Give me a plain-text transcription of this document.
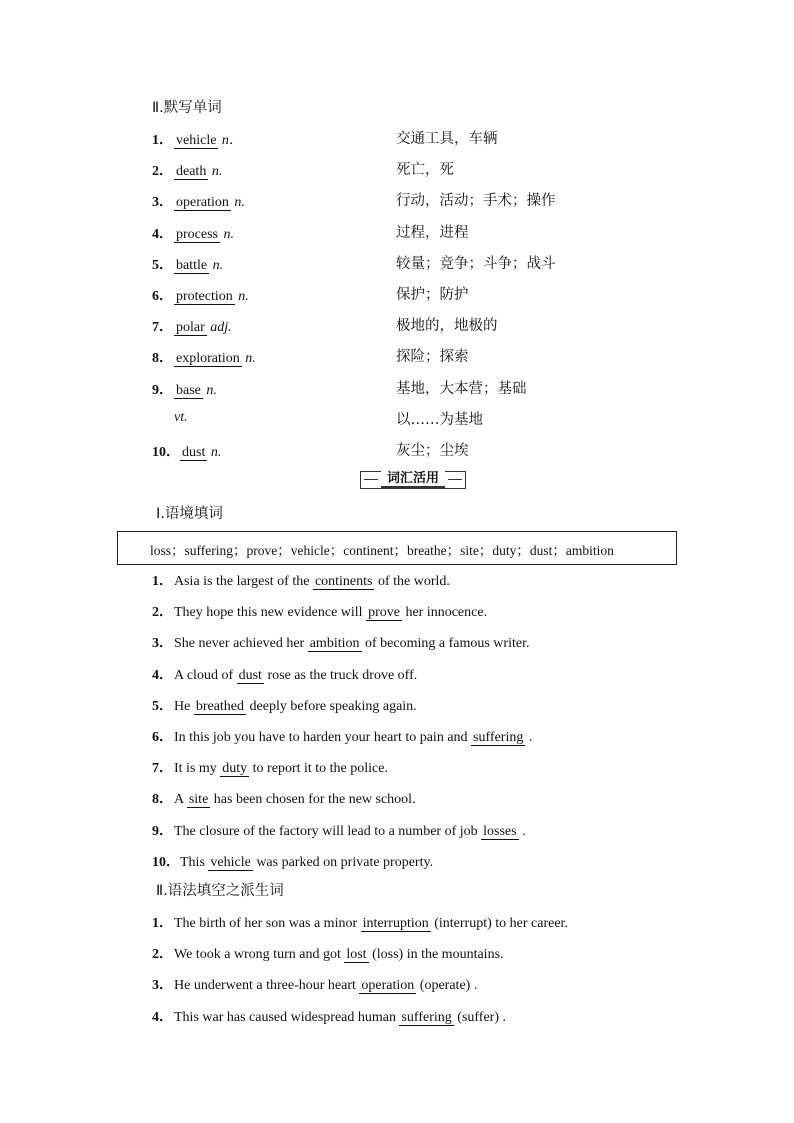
Ⅱ.默写单词
1． vehicle n．	交通工具，车辆
2． death n.	死亡，死
3． operation n.	行动，活动；手术；操作
4． process n.	过程，进程
5． battle n.	较量；竞争；斗争；战斗
6． protection n.	保护；防护
7． polar adj.	极地的，地极的
8． exploration n.	探险；探索
9． base n.	基地，大本营；基础
vt.	以……为基地
10． dust n.	灰尘；尘埃
词汇活用
Ⅰ.语境填词
loss；suffering；prove；vehicle；continent；breathe；site；duty；dust；ambition
1．Asia is the largest of the continents of the world.
2．They hope this new evidence will prove her innocence.
3．She never achieved her ambition of becoming a famous writer.
4．A cloud of dust rose as the truck drove off.
5．He breathed deeply before speaking again.
6．In this job you have to harden your heart to pain and suffering .
7．It is my duty to report it to the police.
8．A site has been chosen for the new school.
9．The closure of the factory will lead to a number of job losses .
10．This vehicle was parked on private property.
Ⅱ.语法填空之派生词
1．The birth of her son was a minor interruption (interrupt) to her career.
2．We took a wrong turn and got lost (loss) in the mountains.
3．He underwent a three-hour heart operation (operate) .
4．This war has caused widespread human suffering (suffer) .
